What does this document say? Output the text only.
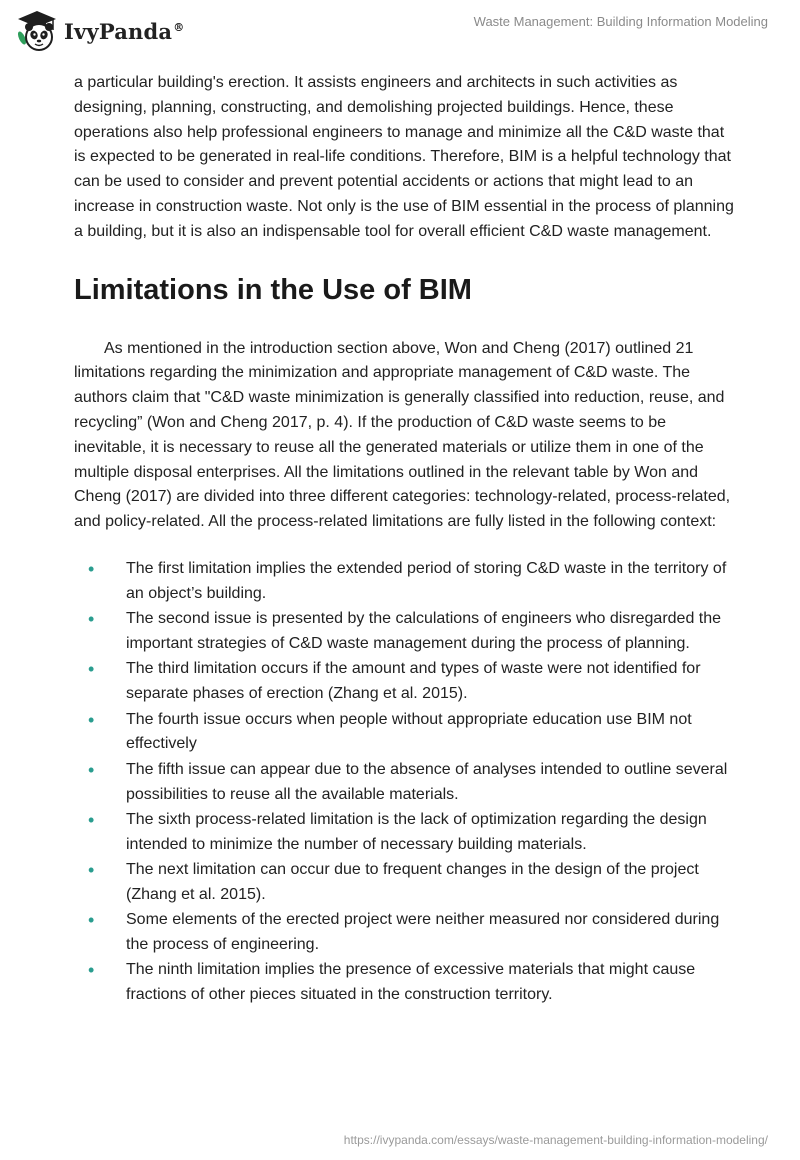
IvyPanda®	Waste Management: Building Information Modeling

a particular building's erection. It assists engineers and architects in such activities as designing, planning, constructing, and demolishing projected buildings. Hence, these operations also help professional engineers to manage and minimize all the C&D waste that is expected to be generated in real-life conditions. Therefore, BIM is a helpful technology that can be used to consider and prevent potential accidents or actions that might lead to an increase in construction waste. Not only is the use of BIM essential in the process of planning a building, but it is also an indispensable tool for overall efficient C&D waste management.

Limitations in the Use of BIM

As mentioned in the introduction section above, Won and Cheng (2017) outlined 21 limitations regarding the minimization and appropriate management of C&D waste. The authors claim that "C&D waste minimization is generally classified into reduction, reuse, and recycling” (Won and Cheng 2017, p. 4). If the production of C&D waste seems to be inevitable, it is necessary to reuse all the generated materials or utilize them in one of the multiple disposal enterprises. All the limitations outlined in the relevant table by Won and Cheng (2017) are divided into three different categories: technology-related, process-related, and policy-related. All the process-related limitations are fully listed in the following context:

• The first limitation implies the extended period of storing C&D waste in the territory of an object’s building.
• The second issue is presented by the calculations of engineers who disregarded the important strategies of C&D waste management during the process of planning.
• The third limitation occurs if the amount and types of waste were not identified for separate phases of erection (Zhang et al. 2015).
• The fourth issue occurs when people without appropriate education use BIM not effectively
• The fifth issue can appear due to the absence of analyses intended to outline several possibilities to reuse all the available materials.
• The sixth process-related limitation is the lack of optimization regarding the design intended to minimize the number of necessary building materials.
• The next limitation can occur due to frequent changes in the design of the project (Zhang et al. 2015).
• Some elements of the erected project were neither measured nor considered during the process of engineering.
• The ninth limitation implies the presence of excessive materials that might cause fractions of other pieces situated in the construction territory.
https://ivypanda.com/essays/waste-management-building-information-modeling/
